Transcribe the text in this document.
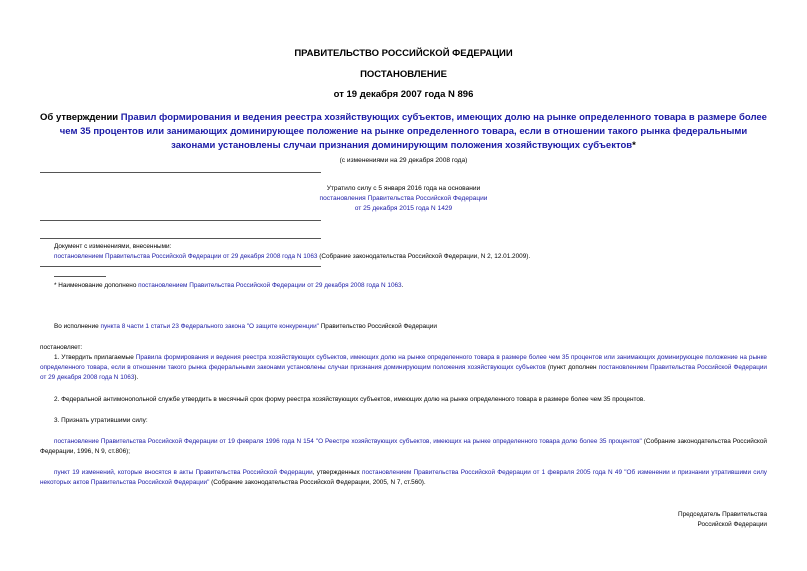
ПРАВИТЕЛЬСТВО РОССИЙСКОЙ ФЕДЕРАЦИИ
ПОСТАНОВЛЕНИЕ
от 19 декабря 2007 года N 896
Об утверждении Правил формирования и ведения реестра хозяйствующих субъектов, имеющих долю на рынке определенного товара в размере более чем 35 процентов или занимающих доминирующее положение на рынке определенного товара, если в отношении такого рынка федеральными законами установлены случаи признания доминирующим положения хозяйствующих субъектов*
(с изменениями на 29 декабря 2008 года)
Утратило силу с 5 января 2016 года на основании
постановления Правительства Российской Федерации
от 25 декабря 2015 года N 1429
Документ с изменениями, внесенными:
постановлением Правительства Российской Федерации от 29 декабря 2008 года N 1063 (Собрание законодательства Российской Федерации, N 2, 12.01.2009).
* Наименование дополнено постановлением Правительства Российской Федерации от 29 декабря 2008 года N 1063.
Во исполнение пункта 8 части 1 статьи 23 Федерального закона "О защите конкуренции" Правительство Российской Федерации
постановляет:
1. Утвердить прилагаемые Правила формирования и ведения реестра хозяйствующих субъектов, имеющих долю на рынке определенного товара в размере более чем 35 процентов или занимающих доминирующее положение на рынке определенного товара, если в отношении такого рынка федеральными законами установлены случаи признания доминирующим положения хозяйствующих субъектов (пункт дополнен постановлением Правительства Российской Федерации от 29 декабря 2008 года N 1063).
2. Федеральной антимонопольной службе утвердить в месячный срок форму реестра хозяйствующих субъектов, имеющих долю на рынке определенного товара в размере более чем 35 процентов.
3. Признать утратившими силу:
постановление Правительства Российской Федерации от 19 февраля 1996 года N 154 "О Реестре хозяйствующих субъектов, имеющих на рынке определенного товара долю более 35 процентов" (Собрание законодательства Российской Федерации, 1996, N 9, ст.806);
пункт 19 изменений, которые вносятся в акты Правительства Российской Федерации, утвержденных постановлением Правительства Российской Федерации от 1 февраля 2005 года N 49 "Об изменении и признании утратившими силу некоторых актов Правительства Российской Федерации" (Собрание законодательства Российской Федерации, 2005, N 7, ст.560).
Председатель Правительства
Российской Федерации
